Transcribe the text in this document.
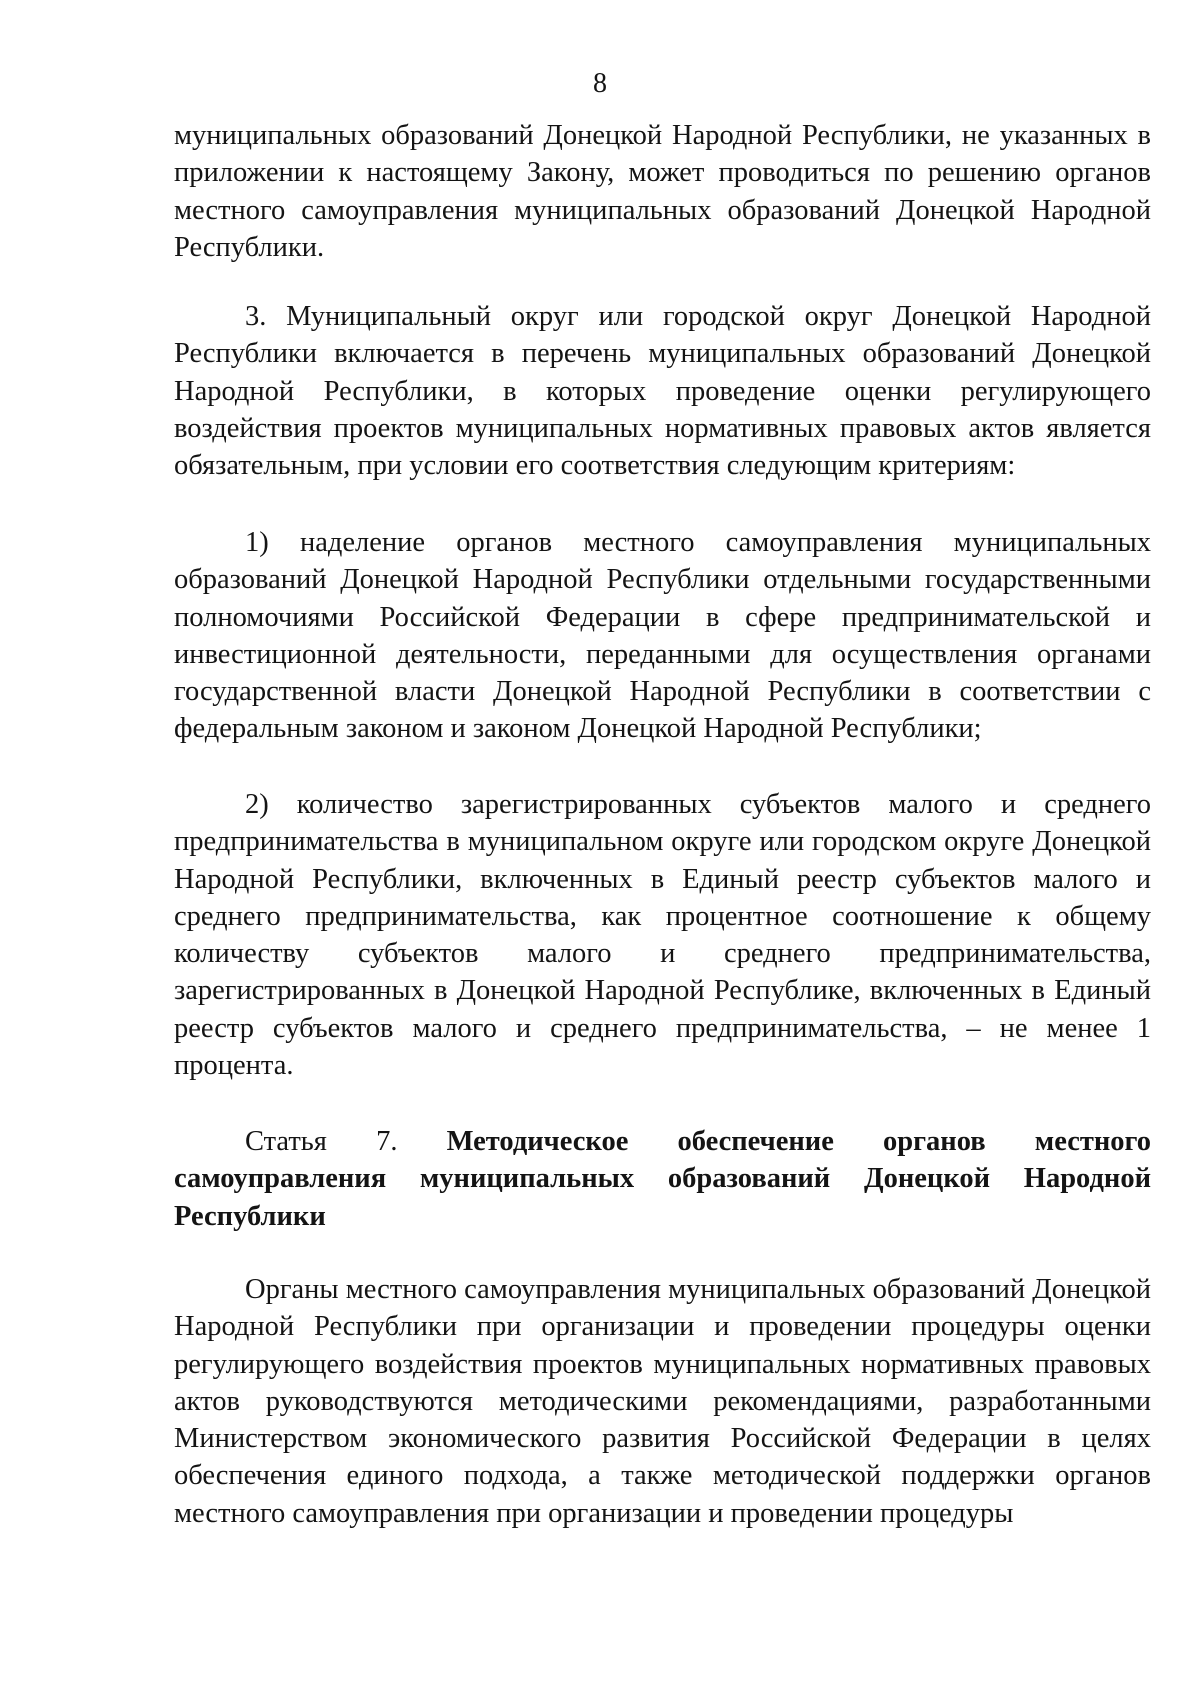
8

муниципальных образований Донецкой Народной Республики, не указанных в приложении к настоящему Закону, может проводиться по решению органов местного самоуправления муниципальных образований Донецкой Народной Республики.

3. Муниципальный округ или городской округ Донецкой Народной Республики включается в перечень муниципальных образований Донецкой Народной Республики, в которых проведение оценки регулирующего воздействия проектов муниципальных нормативных правовых актов является обязательным, при условии его соответствия следующим критериям:

1) наделение органов местного самоуправления муниципальных образований Донецкой Народной Республики отдельными государственными полномочиями Российской Федерации в сфере предпринимательской и инвестиционной деятельности, переданными для осуществления органами государственной власти Донецкой Народной Республики в соответствии с федеральным законом и законом Донецкой Народной Республики;

2) количество зарегистрированных субъектов малого и среднего предпринимательства в муниципальном округе или городском округе Донецкой Народной Республики, включенных в Единый реестр субъектов малого и среднего предпринимательства, как процентное соотношение к общему количеству субъектов малого и среднего предпринимательства, зарегистрированных в Донецкой Народной Республике, включенных в Единый реестр субъектов малого и среднего предпринимательства, – не менее 1 процента.

Статья 7. Методическое обеспечение органов местного самоуправления муниципальных образований Донецкой Народной Республики

Органы местного самоуправления муниципальных образований Донецкой Народной Республики при организации и проведении процедуры оценки регулирующего воздействия проектов муниципальных нормативных правовых актов руководствуются методическими рекомендациями, разработанными Министерством экономического развития Российской Федерации в целях обеспечения единого подхода, а также методической поддержки органов местного самоуправления при организации и проведении процедуры
